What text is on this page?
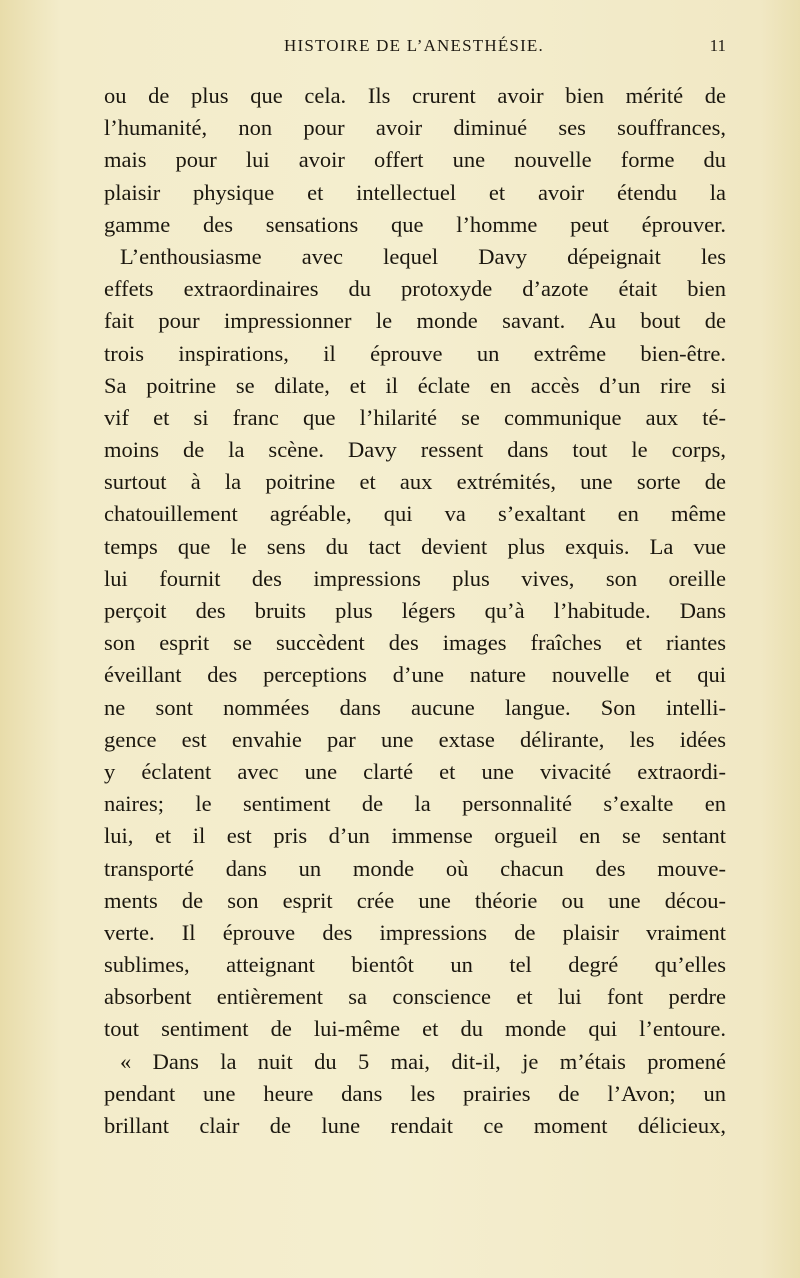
HISTOIRE DE L’ANESTHÉSIE.	11
ou de plus que cela. Ils crurent avoir bien mérité de
l’humanité, non pour avoir diminué ses souffrances,
mais pour lui avoir offert une nouvelle forme du
plaisir physique et intellectuel et avoir étendu la
gamme des sensations que l’homme peut éprouver.
L’enthousiasme avec lequel Davy dépeignait les
effets extraordinaires du protoxyde d’azote était bien
fait pour impressionner le monde savant. Au bout de
trois inspirations, il éprouve un extrême bien-être.
Sa poitrine se dilate, et il éclate en accès d’un rire si
vif et si franc que l’hilarité se communique aux té-
moins de la scène. Davy ressent dans tout le corps,
surtout à la poitrine et aux extrémités, une sorte de
chatouillement agréable, qui va s’exaltant en même
temps que le sens du tact devient plus exquis. La vue
lui fournit des impressions plus vives, son oreille
perçoit des bruits plus légers qu’à l’habitude. Dans
son esprit se succèdent des images fraîches et riantes
éveillant des perceptions d’une nature nouvelle et qui
ne sont nommées dans aucune langue. Son intelli-
gence est envahie par une extase délirante, les idées
y éclatent avec une clarté et une vivacité extraordi-
naires; le sentiment de la personnalité s’exalte en
lui, et il est pris d’un immense orgueil en se sentant
transporté dans un monde où chacun des mouve-
ments de son esprit crée une théorie ou une décou-
verte. Il éprouve des impressions de plaisir vraiment
sublimes, atteignant bientôt un tel degré qu’elles
absorbent entièrement sa conscience et lui font perdre
tout sentiment de lui-même et du monde qui l’entoure.
« Dans la nuit du 5 mai, dit-il, je m’étais promené
pendant une heure dans les prairies de l’Avon; un
brillant clair de lune rendait ce moment délicieux,
